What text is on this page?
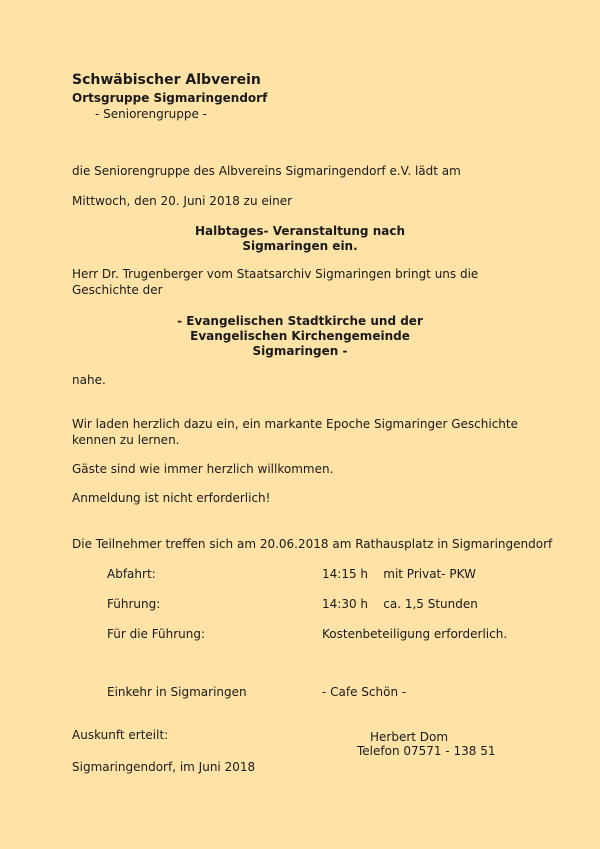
Schwäbischer Albverein
Ortsgruppe Sigmaringendorf
- Seniorengruppe -
die Seniorengruppe des Albvereins Sigmaringendorf e.V. lädt am
Mittwoch, den 20. Juni 2018 zu einer
Halbtages- Veranstaltung nach
Sigmaringen ein.
Herr Dr. Trugenberger vom Staatsarchiv Sigmaringen bringt uns die
Geschichte der
- Evangelischen Stadtkirche und der
Evangelischen Kirchengemeinde
Sigmaringen -
nahe.
Wir laden herzlich dazu ein, ein markante Epoche Sigmaringer Geschichte
kennen zu lernen.
Gäste sind wie immer herzlich willkommen.
Anmeldung ist nicht erforderlich!
Die Teilnehmer treffen sich am 20.06.2018 am Rathausplatz in Sigmaringendorf
Abfahrt:	14:15 h    mit Privat- PKW
Führung:	14:30 h    ca. 1,5 Stunden
Für die Führung:	Kostenbeteiligung erforderlich.
Einkehr in Sigmaringen	- Cafe Schön -
Auskunft erteilt:	Herbert Dom
Telefon 07571 - 138 51
Sigmaringendorf, im Juni 2018
